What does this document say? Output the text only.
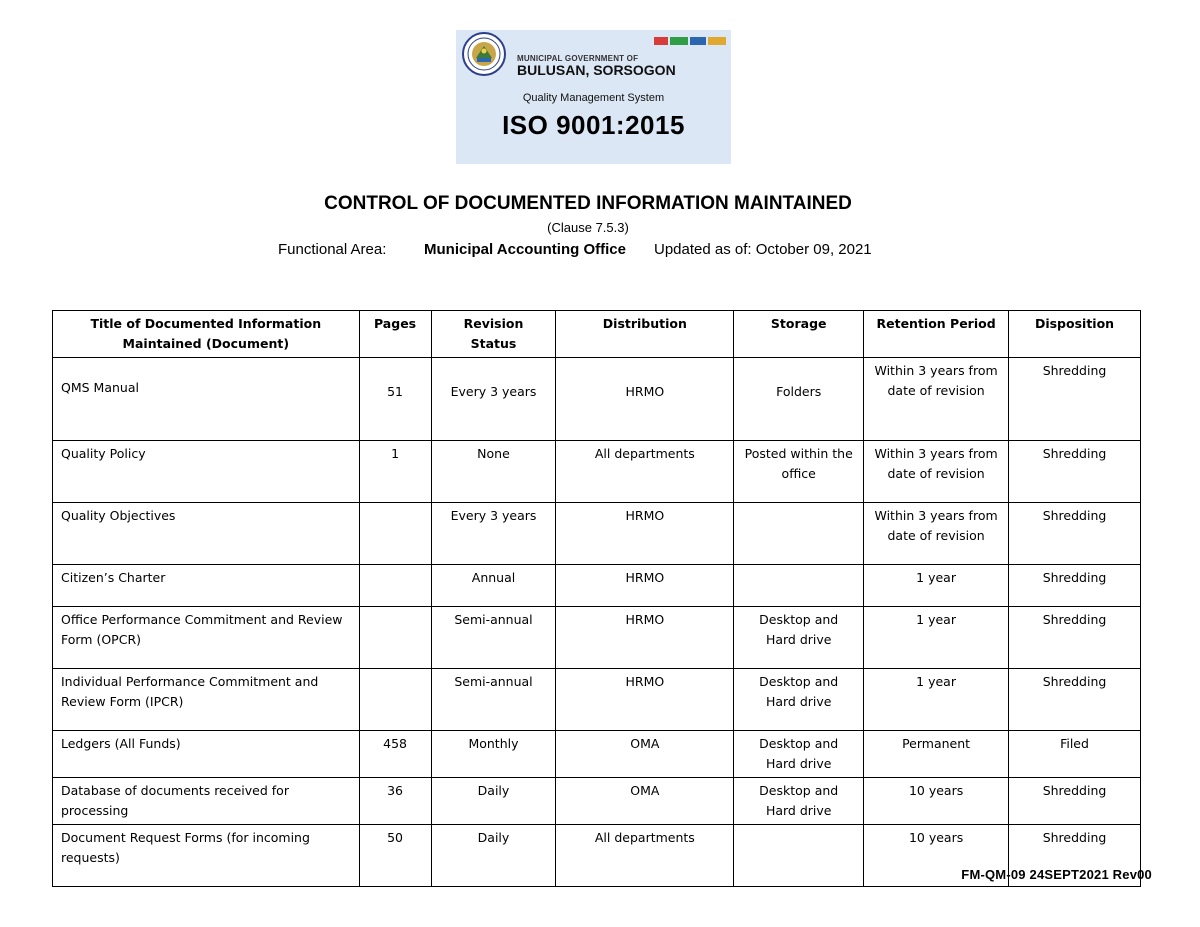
MUNICIPAL GOVERNMENT OF
BULUSAN, SORSOGON
Quality Management System
ISO 9001:2015
CONTROL OF DOCUMENTED INFORMATION MAINTAINED
(Clause 7.5.3)
Functional Area:	Municipal Accounting Office Updated as of: October 09, 2021
Title of Documented Information Maintained (Document)	Pages	Revision Status	Distribution	Storage	Retention Period	Disposition
QMS Manual	51	Every 3 years	HRMO	Folders	Within 3 years from date of revision	Shredding
Quality Policy	1	None	All departments	Posted within the office	Within 3 years from date of revision	Shredding
Quality Objectives		Every 3 years	HRMO		Within 3 years from date of revision	Shredding
Citizen’s Charter		Annual	HRMO		1 year	Shredding
Office Performance Commitment and Review Form (OPCR)		Semi-annual	HRMO	Desktop and Hard drive	1 year	Shredding
Individual Performance Commitment and Review Form (IPCR)		Semi-annual	HRMO	Desktop and Hard drive	1 year	Shredding
Ledgers (All Funds)	458	Monthly	OMA	Desktop and Hard drive	Permanent	Filed
Database of documents received for processing	36	Daily	OMA	Desktop and Hard drive	10 years	Shredding
Document Request Forms (for incoming requests)	50	Daily	All departments		10 years	Shredding
FM-QM-09 24SEPT2021 Rev00
